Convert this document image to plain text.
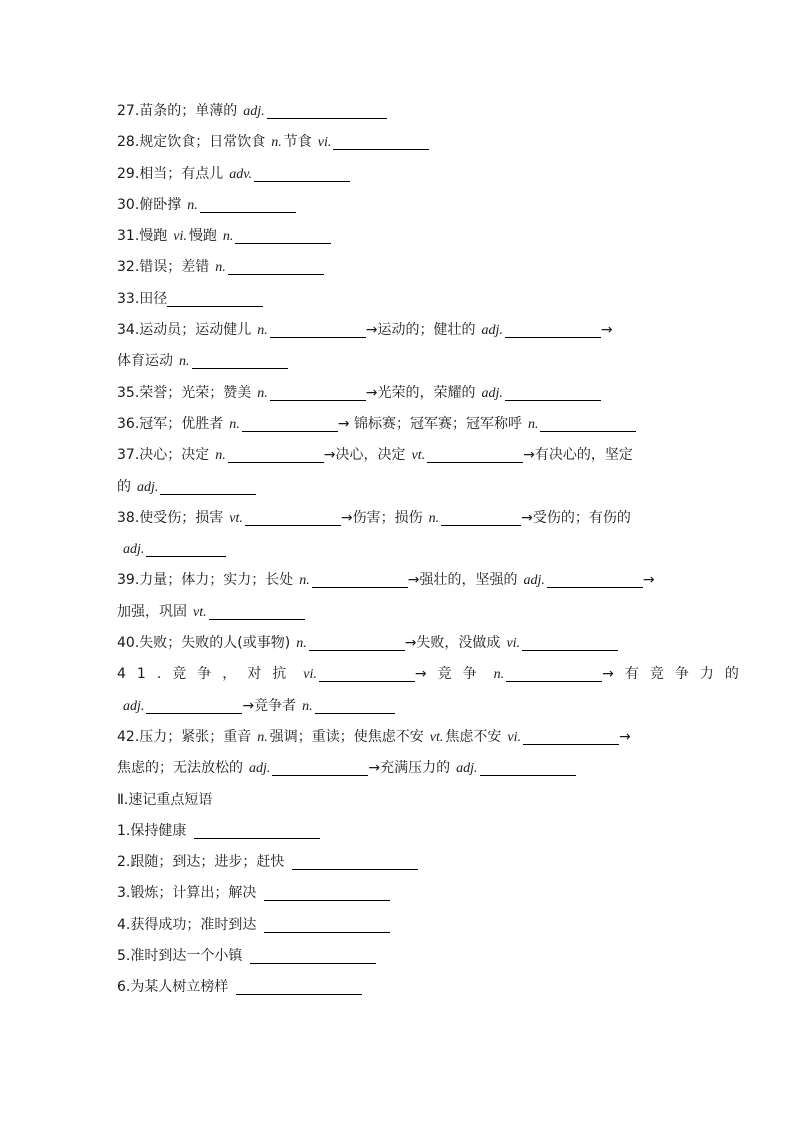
27.苗条的；单薄的 adj.
28.规定饮食；日常饮食 n. 节食 vi.
29.相当；有点儿 adv.
30.俯卧撑 n.
31.慢跑 vi. 慢跑 n.
32.错误；差错 n.
33.田径
34.运动员；运动健儿 n.	→运动的；健壮的 adj.	→
体育运动 n.
35.荣誉；光荣；赞美 n.	→光荣的，荣耀的 adj.
36.冠军；优胜者 n.	→ 锦标赛；冠军赛；冠军称呼 n.
37.决心；决定 n.	→决心，决定 vt.	→有决心的，坚定
的 adj.
38.使受伤；损害 vt.	→伤害；损伤 n.	→受伤的；有伤的
adj.
39.力量；体力；实力；长处 n.	→强壮的，坚强的 adj.	→
加强，巩固 vt.
40.失败；失败的人(或事物) n.	→失败，没做成 vi.
41.竞争，对抗 vi.	→竞争 n.	→有竞争力的
adj.	→竞争者 n.
42.压力；紧张；重音 n. 强调；重读；使焦虑不安 vt. 焦虑不安 vi.	→
焦虑的；无法放松的 adj.	→充满压力的 adj.
Ⅱ.速记重点短语
1.保持健康
2.跟随；到达；进步；赶快
3.锻炼；计算出；解决
4.获得成功；准时到达
5.准时到达一个小镇
6.为某人树立榜样
